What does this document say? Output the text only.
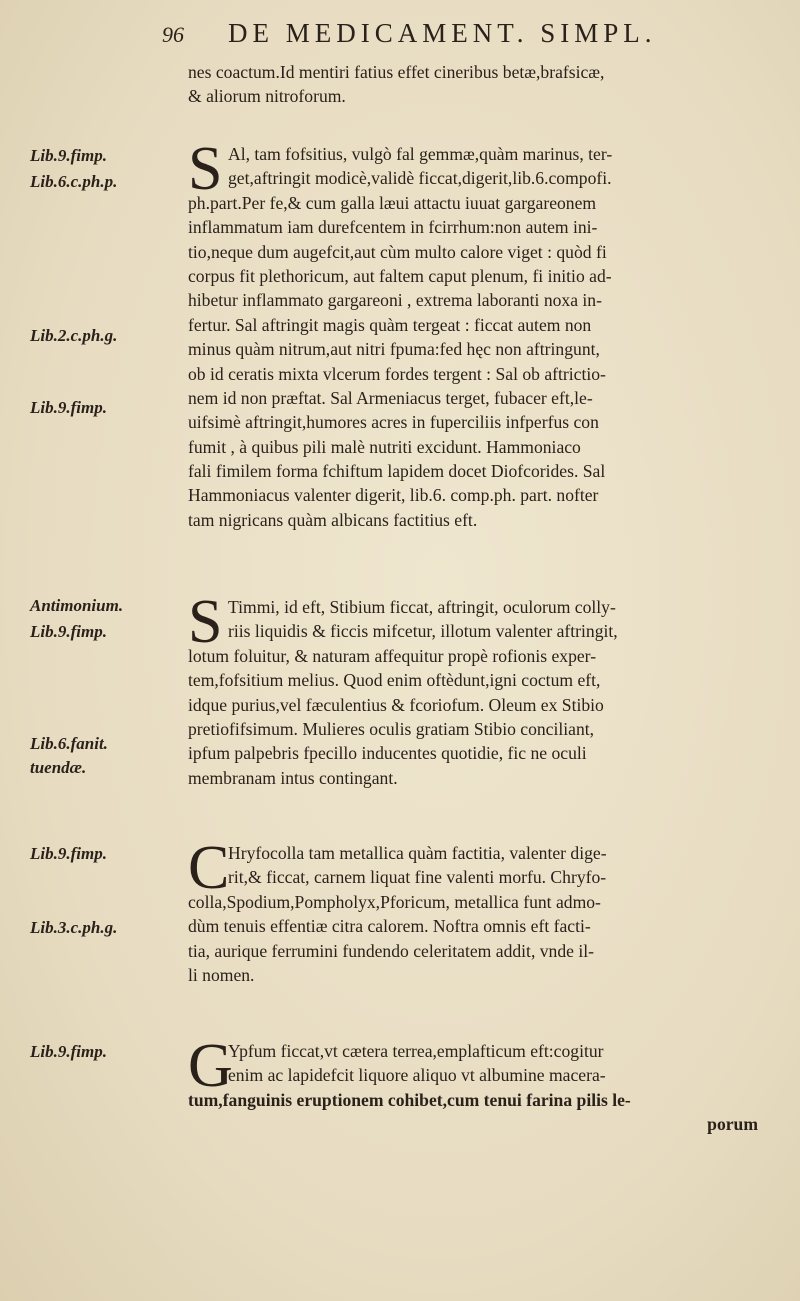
96 DE MEDICAMENT. SIMPL.
nes coactum.Id mentiri fatius effet cineribus betæ,brafsicæ,
& aliorum nitroforum.
Lib.9.fimp.
Lib.6.c.ph.p.
Lib.2.c.ph.g.
Lib.9.fimp.
Antimonium.
Lib.9.fimp.
Lib.6.fanit.
tuendæ.
Lib.9.fimp.
Lib.3.c.ph.g.
Lib.9.fimp.
S Al, tam fofsitius, vulgò fal gemmæ,quàm marinus, ter-
get,aftringit modicè,validè ficcat,digerit,lib.6.compofi.
ph.part.Per fe,& cum galla læui attactu iuuat gargareonem
inflammatum iam durefcentem in fcirrhum:non autem ini-
tio,neque dum augefcit,aut cùm multo calore viget : quòd fi
corpus fit plethoricum, aut faltem caput plenum, fi initio ad-
hibetur inflammato gargareoni , extrema laboranti noxa in-
fertur. Sal aftringit magis quàm tergeat : ficcat autem non
minus quàm nitrum,aut nitri fpuma:fed hęc non aftringunt,
ob id ceratis mixta vlcerum fordes tergent : Sal ob aftrictio-
nem id non præftat. Sal Armeniacus terget, fubacer eft,le-
uifsimè aftringit,humores acres in fuperciliis infperfus con
fumit , à quibus pili malè nutriti excidunt. Hammoniaco
fali fimilem forma fchiftum lapidem docet Diofcorides. Sal
Hammoniacus valenter digerit, lib.6. comp.ph. part. nofter
tam nigricans quàm albicans factitius eft.
S Timmi, id eft, Stibium ficcat, aftringit, oculorum colly-
riis liquidis & ficcis mifcetur, illotum valenter aftringit,
lotum foluitur, & naturam affequitur propè rofionis exper-
tem,fofsitium melius. Quod enim oftèdunt,igni coctum eft,
idque purius,vel fæculentius & fcoriofum. Oleum ex Stibio
pretiofifsimum. Mulieres oculis gratiam Stibio conciliant,
ipfum palpebris fpecillo inducentes quotidie, fic ne oculi
membranam intus contingant.
C
Hryfocolla tam metallica quàm factitia, valenter dige-
rit,& ficcat, carnem liquat fine valenti morfu. Chryfo-
colla,Spodium,Pompholyx,Pforicum, metallica funt admo-
dùm tenuis effentiæ citra calorem. Noftra omnis eft facti-
tia, aurique ferrumini fundendo celeritatem addit, vnde il-
li nomen.
G
Ypfum ficcat,vt cætera terrea,emplafticum eft:cogitur
enim ac lapidefcit liquore aliquo vt albumine macera-
tum,fanguinis eruptionem cohibet,cum tenui farina pilis le-
porum
